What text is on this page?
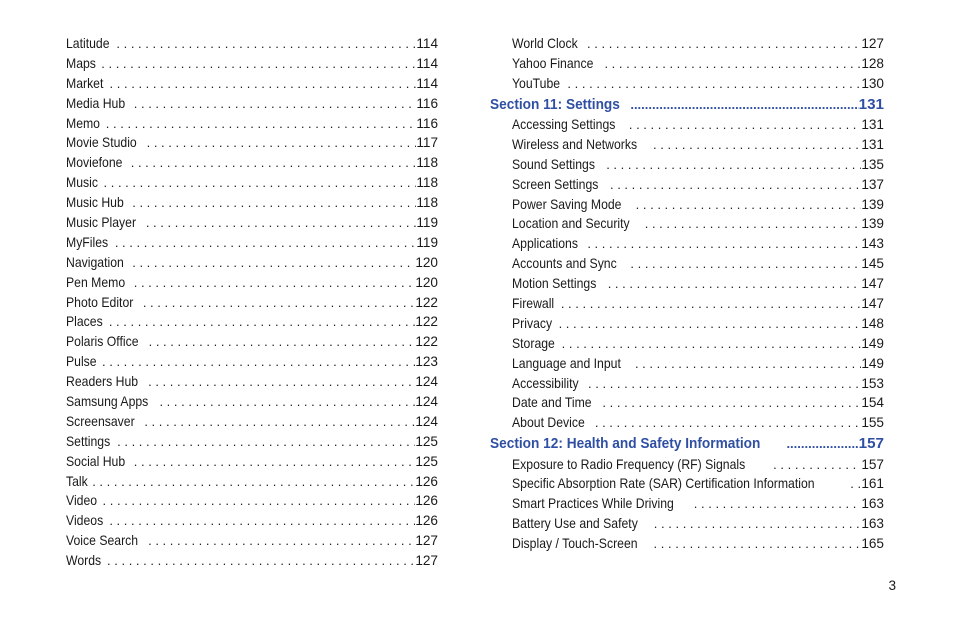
Latitude . . .	114
Maps . . .	114
Market . . .	114
Media Hub . . .	116
Memo . . .	116
Movie Studio . . .	117
Moviefone . . .	118
Music . . .	118
Music Hub . . .	118
Music Player . . .	119
MyFiles . . .	119
Navigation . . .	120
Pen Memo . . .	120
Photo Editor . . .	122
Places . . .	122
Polaris Office . . .	122
Pulse . . .	123
Readers Hub . . .	124
Samsung Apps . . .	124
Screensaver . . .	124
Settings . . .	125
Social Hub . . .	125
Talk . . .	126
Video . . .	126
Videos . . .	126
Voice Search . . .	127
Words . . .	127
World Clock . . .	127
Yahoo Finance . . .	128
YouTube . . .	130
Section 11: Settings .....	131
Accessing Settings . . .	131
Wireless and Networks . . .	131
Sound Settings . . .	135
Screen Settings . . .	137
Power Saving Mode . . .	139
Location and Security . . .	139
Applications . . .	143
Accounts and Sync . . .	145
Motion Settings . . .	147
Firewall . . .	147
Privacy . . .	148
Storage . . .	149
Language and Input . . .	149
Accessibility . . .	153
Date and Time . . .	154
About Device . . .	155
Section 12: Health and Safety Information .....	157
Exposure to Radio Frequency (RF) Signals . . .	157
Specific Absorption Rate (SAR) Certification Information . . .	161
Smart Practices While Driving . . .	163
Battery Use and Safety . . .	163
Display / Touch-Screen . . .	165
3
